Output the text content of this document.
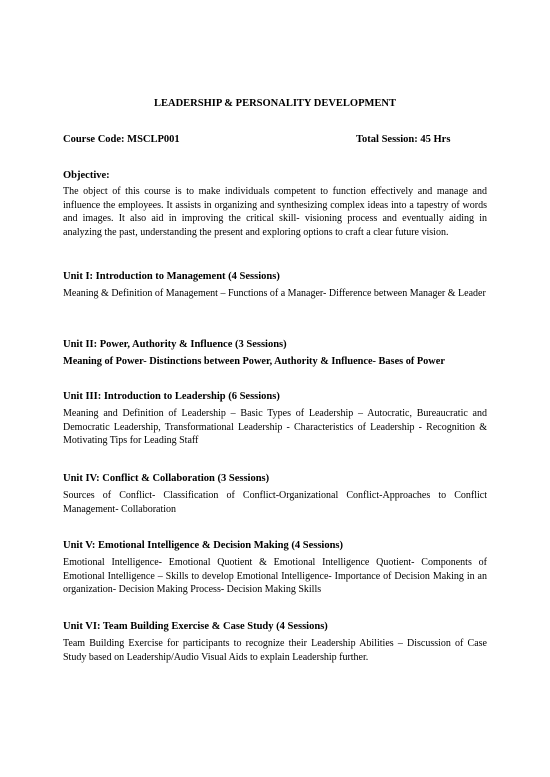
LEADERSHIP & PERSONALITY DEVELOPMENT
Course Code: MSCLP001	Total Session: 45 Hrs

Objective:

The object of this course is to make individuals competent to function effectively and manage and influence the employees. It assists in organizing and synthesizing complex ideas into a tapestry of words and images. It also aid in improving the critical skill- visioning process and eventually aiding in analyzing the past, understanding the present and exploring options to craft a clear future vision.

Unit I: Introduction to Management (4 Sessions)

Meaning & Definition of Management – Functions of a Manager- Difference between Manager & Leader

Unit II: Power, Authority & Influence (3 Sessions)

Meaning of Power- Distinctions between Power, Authority & Influence- Bases of Power

Unit III: Introduction to Leadership (6 Sessions)

Meaning and Definition of Leadership – Basic Types of Leadership – Autocratic, Bureaucratic and Democratic Leadership, Transformational Leadership - Characteristics of Leadership - Recognition & Motivating Tips for Leading Staff

Unit IV: Conflict & Collaboration (3 Sessions)

Sources of Conflict- Classification of Conflict-Organizational Conflict-Approaches to Conflict Management- Collaboration

Unit V: Emotional Intelligence & Decision Making (4 Sessions)

Emotional Intelligence- Emotional Quotient & Emotional Intelligence Quotient- Components of Emotional Intelligence – Skills to develop Emotional Intelligence- Importance of Decision Making in an organization- Decision Making Process- Decision Making Skills

Unit VI: Team Building Exercise & Case Study (4 Sessions)

Team Building Exercise for participants to recognize their Leadership Abilities – Discussion of Case Study based on Leadership/Audio Visual Aids to explain Leadership further.
